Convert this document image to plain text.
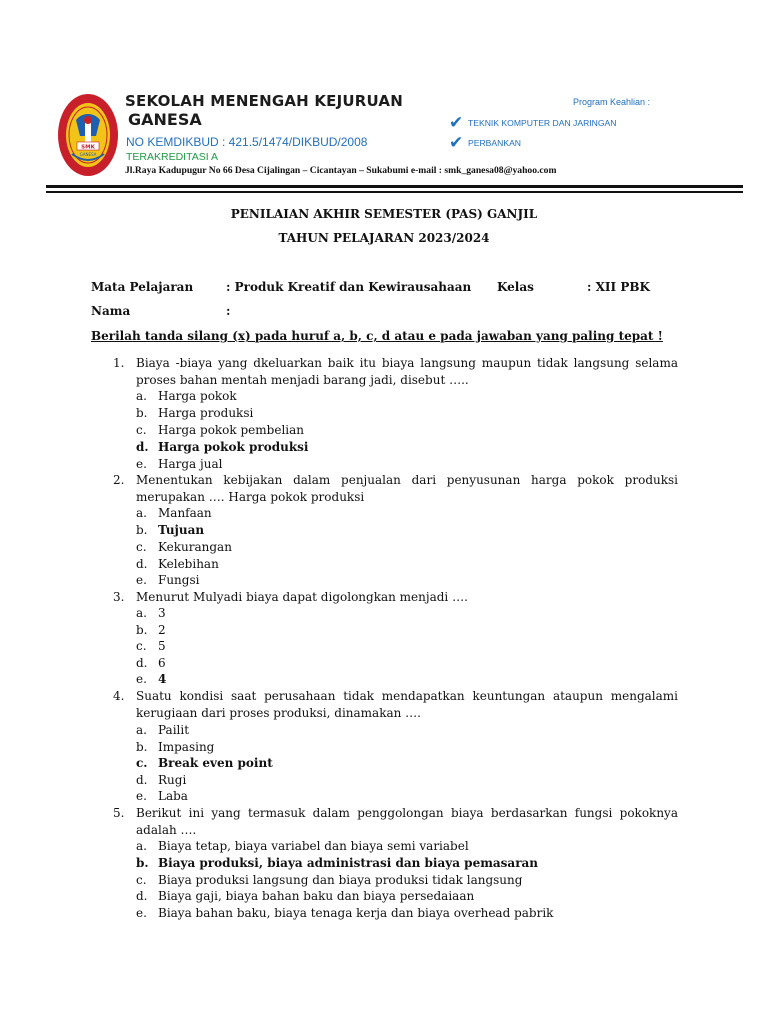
SMK
GANESA
SEKOLAH MENENGAH KEJURUAN
GANESA
NO KEMDIKBUD : 421.5/1474/DIKBUD/2008
TERAKREDITASI A
Jl.Raya Kadupugur No 66 Desa Cijalingan – Cicantayan – Sukabumi e-mail : smk_ganesa08@yahoo.com
Program Keahlian :
✔ TEKNIK KOMPUTER DAN JARINGAN
✔ PERBANKAN
PENILAIAN AKHIR SEMESTER (PAS) GANJIL
TAHUN PELAJARAN 2023/2024
Mata Pelajaran	: Produk Kreatif dan Kewirausahaan Kelas	: XII PBK
Nama	:
Berilah tanda silang (x) pada huruf a, b, c, d atau e pada jawaban yang paling tepat !
1. Biaya -biaya yang dkeluarkan baik itu biaya langsung maupun tidak langsung selama proses bahan mentah menjadi barang jadi, disebut …..
a. Harga pokok
b. Harga produksi
c. Harga pokok pembelian
d. Harga pokok produksi
e. Harga jual
2. Menentukan kebijakan dalam penjualan dari penyusunan harga pokok produksi merupakan …. Harga pokok produksi
a. Manfaan
b. Tujuan
c. Kekurangan
d. Kelebihan
e. Fungsi
3. Menurut Mulyadi biaya dapat digolongkan menjadi ….
a. 3
b. 2
c. 5
d. 6
e. 4
4. Suatu kondisi saat perusahaan tidak mendapatkan keuntungan ataupun mengalami kerugiaan dari proses produksi, dinamakan ….
a. Pailit
b. Impasing
c. Break even point
d. Rugi
e. Laba
5. Berikut ini yang termasuk dalam penggolongan biaya berdasarkan fungsi pokoknya adalah ….
a. Biaya tetap, biaya variabel dan biaya semi variabel
b. Biaya produksi, biaya administrasi dan biaya pemasaran
c. Biaya produksi langsung dan biaya produksi tidak langsung
d. Biaya gaji, biaya bahan baku dan biaya persedaiaan
e. Biaya bahan baku, biaya tenaga kerja dan biaya overhead pabrik
